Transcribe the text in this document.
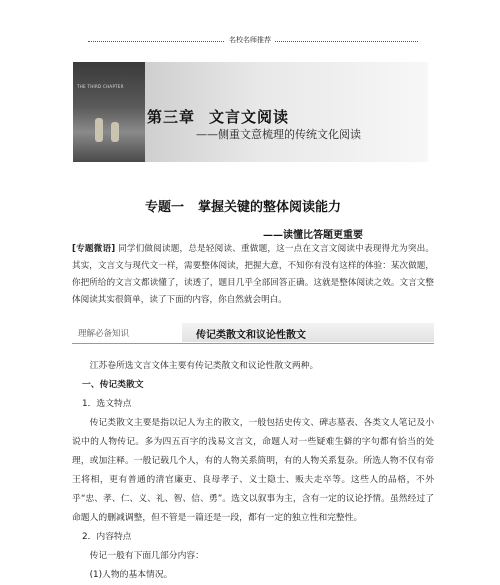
名校名师推荐
THE THIRD CHAPTER
第三章 文言文阅读
——侧重文意梳理的传统文化阅读
专题一 掌握关键的整体阅读能力
——读懂比答题更重要
[专题微语] 同学们做阅读题，总是轻阅读、重做题，这一点在文言文阅读中表现得尤为突出。其实，文言文与现代文一样，需要整体阅读，把握大意，不知你有没有这样的体验：某次做题，你把所给的文言文都读懂了，读透了，题目几乎全部回答正确。这就是整体阅读之效。文言文整体阅读其实很简单，读了下面的内容，你自然就会明白。
理解必备知识	传记类散文和议论性散文

江苏卷所选文言文体主要有传记类散文和议论性散文两种。

一、传记类散文

1．选文特点

传记类散文主要是指以记人为主的散文，一般包括史传文、碑志墓表、各类文人笔记及小说中的人物传记。多为四五百字的浅易文言文，命题人对一些疑难生僻的字句都有恰当的处理，或加注释。一般记载几个人，有的人物关系简明，有的人物关系复杂。所选人物不仅有帝王将相，更有普通的清官廉吏、良母孝子、义士隐士、贩夫走卒等。这些人的品格，不外乎“忠、孝、仁、义、礼、智、信、勇”。选文以叙事为主，含有一定的议论抒情。虽然经过了命题人的删减调整，但不管是一篇还是一段，都有一定的独立性和完整性。

2．内容特点

传记一般有下面几部分内容：

(1)人物的基本情况。
